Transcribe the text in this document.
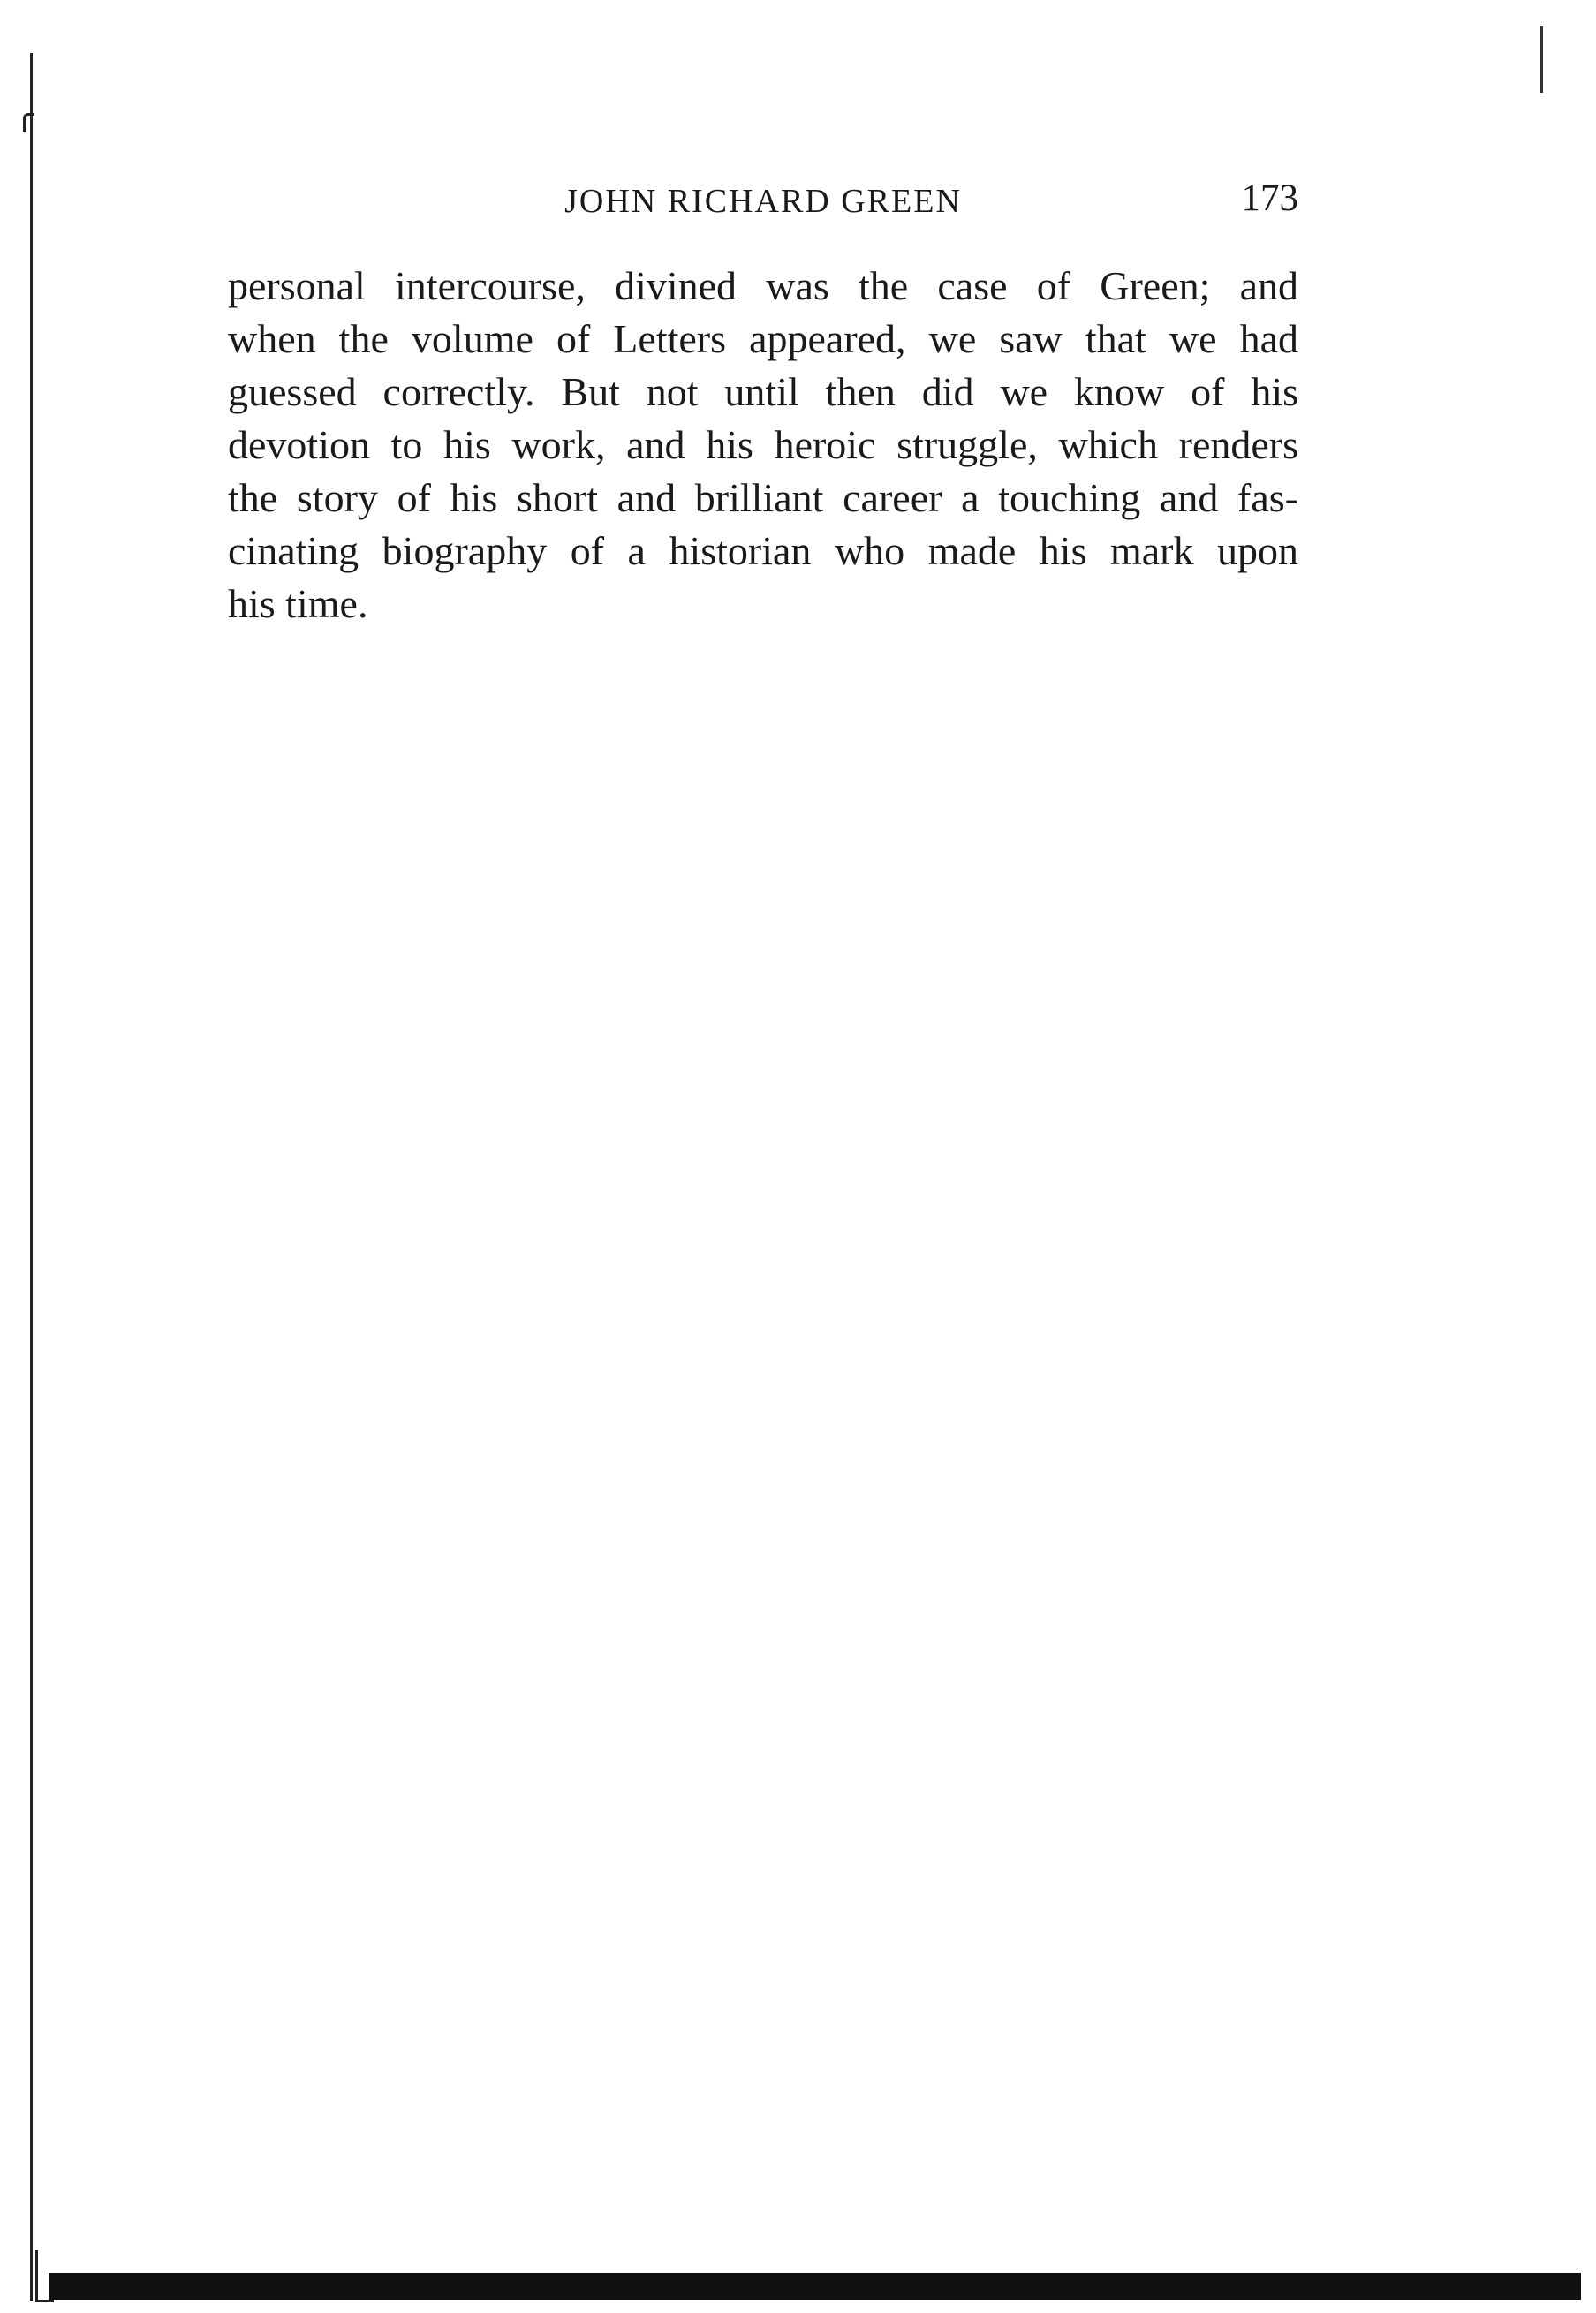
JOHN RICHARD GREEN	173
personal intercourse, divined was the case of Green; and
when the volume of Letters appeared, we saw that we had
guessed correctly. But not until then did we know of his
devotion to his work, and his heroic struggle, which renders
the story of his short and brilliant career a touching and fas-
cinating biography of a historian who made his mark upon
his time.
